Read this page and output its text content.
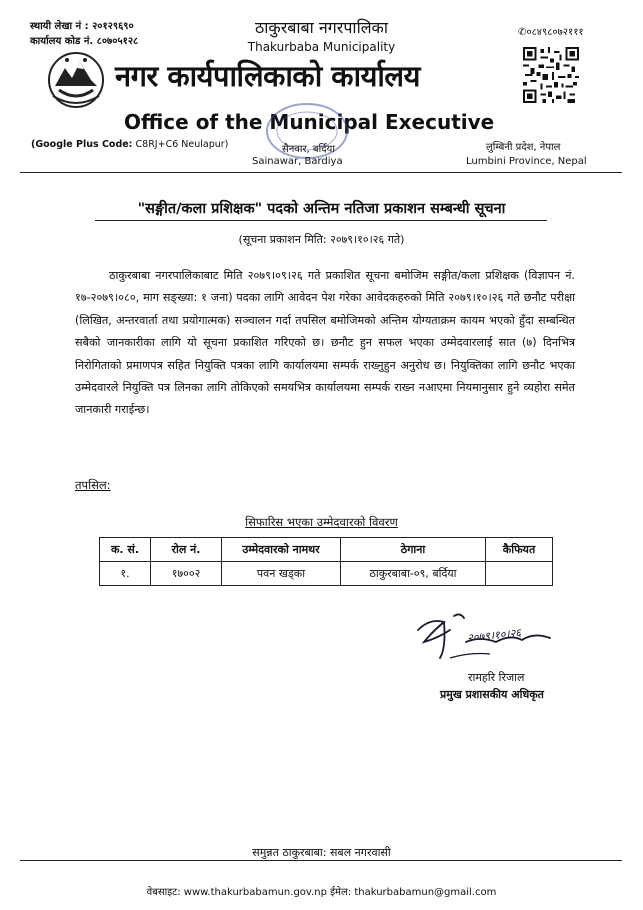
स्थायी लेखा नं : २०१२९६९०
कार्यालय कोड नं. ८०७०५१२८
✆०८४९८०७२१११
ठाकुरबाबा नगरपालिका
Thakurbaba Municipality
नगर कार्यपालिकाको कार्यालय
Office of the Municipal Executive
(Google Plus Code: C8RJ+C6 Neulapur)	सैनवार, बर्दिया
Sainawar, Bardiya
लुम्बिनी प्रदेश, नेपाल
Lumbini Province, Nepal
"सङ्गीत/कला प्रशिक्षक" पदको अन्तिम नतिजा प्रकाशन सम्बन्धी सूचना
(सूचना प्रकाशन मिति: २०७९।१०।२६ गते)

ठाकुरबाबा नगरपालिकाबाट मिति २०७९।०९।२६ गते प्रकाशित सूचना बमोजिम सङ्गीत/कला प्रशिक्षक (विज्ञापन नं. १७-२०७९।०८०, माग सङ्ख्या: १ जना) पदका लागि आवेदन पेश गरेका आवेदकहरुको मिति २०७९।१०।२६ गते छनौट परीक्षा (लिखित, अन्तरवार्ता तथा प्रयोगात्मक) सञ्चालन गर्दा तपसिल बमोजिमको अन्तिम योग्यताक्रम कायम भएको हुँदा सम्बन्धित सबैको जानकारीका लागि यो सूचना प्रकाशित गरिएको छ। छनौट हुन सफल भएका उम्मेदवारलाई सात (७) दिनभित्र निरोगिताको प्रमाणपत्र सहित नियुक्ति पत्रका लागि कार्यालयमा सम्पर्क राख्नुहुन अनुरोध छ। नियुक्तिका लागि छनौट भएका उम्मेदवारले नियुक्ति पत्र लिनका लागि तोकिएको समयभित्र कार्यालयमा सम्पर्क राख्न नआएमा नियमानुसार हुने व्यहोरा समेत जानकारी गराईन्छ।

तपसिल:
सिफारिस भएका उम्मेदवारको विवरण
क. सं.	रोल नं.	उम्मेदवारको नामथर	ठेगाना	कैफियत
१.	१७००२	पवन खड्का	ठाकुरबाबा-०९, बर्दिया	
२०७९।१०।२६
रामहरि रिजाल
प्रमुख प्रशासकीय अधिकृत
समुन्नत ठाकुरबाबा: सबल नगरवासी
वेबसाइट: www.thakurbabamun.gov.np ईमेल: thakurbabamun@gmail.com
